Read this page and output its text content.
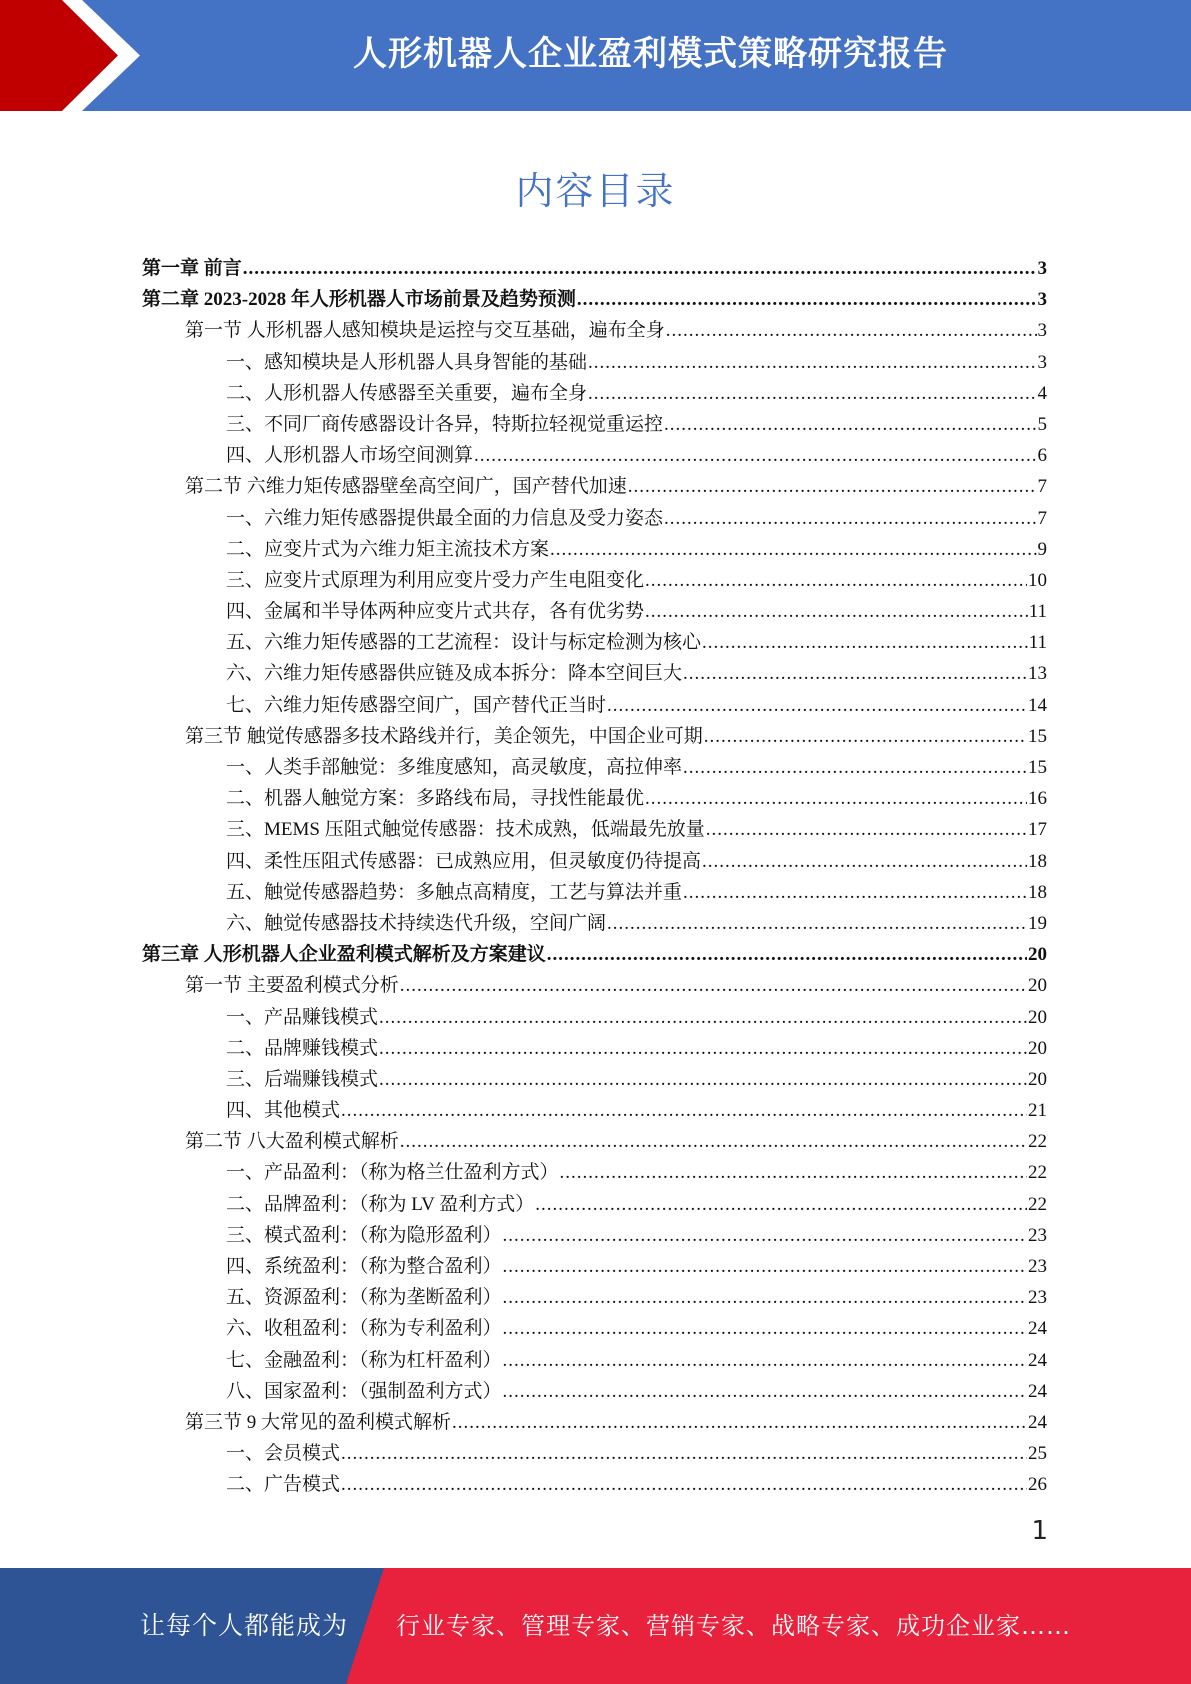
人形机器人企业盈利模式策略研究报告
内容目录
第一章 前言 .....	3
第二章 2023-2028 年人形机器人市场前景及趋势预测 .....	3
第一节 人形机器人感知模块是运控与交互基础，遍布全身 .....	3
一、感知模块是人形机器人具身智能的基础 .....	3
二、人形机器人传感器至关重要，遍布全身 .....	4
三、不同厂商传感器设计各异，特斯拉轻视觉重运控 .....	5
四、人形机器人市场空间测算 .....	6
第二节 六维力矩传感器壁垒高空间广，国产替代加速 .....	7
一、六维力矩传感器提供最全面的力信息及受力姿态 .....	7
二、应变片式为六维力矩主流技术方案 .....	9
三、应变片式原理为利用应变片受力产生电阻变化 .....	10
四、金属和半导体两种应变片式共存，各有优劣势 .....	11
五、六维力矩传感器的工艺流程：设计与标定检测为核心 .....	11
六、六维力矩传感器供应链及成本拆分：降本空间巨大 .....	13
七、六维力矩传感器空间广，国产替代正当时 .....	14
第三节 触觉传感器多技术路线并行，美企领先，中国企业可期 .....	15
一、人类手部触觉：多维度感知，高灵敏度，高拉伸率 .....	15
二、机器人触觉方案：多路线布局，寻找性能最优 .....	16
三、MEMS 压阻式触觉传感器：技术成熟，低端最先放量 .....	17
四、柔性压阻式传感器：已成熟应用，但灵敏度仍待提高 .....	18
五、触觉传感器趋势：多触点高精度，工艺与算法并重 .....	18
六、触觉传感器技术持续迭代升级，空间广阔 .....	19
第三章 人形机器人企业盈利模式解析及方案建议 .....	20
第一节 主要盈利模式分析 .....	20
一、产品赚钱模式 .....	20
二、品牌赚钱模式 .....	20
三、后端赚钱模式 .....	20
四、其他模式 .....	21
第二节 八大盈利模式解析 .....	22
一、产品盈利：（称为格兰仕盈利方式） .....	22
二、品牌盈利：（称为 LV 盈利方式） .....	22
三、模式盈利：（称为隐形盈利） .....	23
四、系统盈利：（称为整合盈利） .....	23
五、资源盈利：（称为垄断盈利） .....	23
六、收租盈利：（称为专利盈利） .....	24
七、金融盈利：（称为杠杆盈利） .....	24
八、国家盈利：（强制盈利方式） .....	24
第三节 9 大常见的盈利模式解析 .....	24
一、会员模式 .....	25
二、广告模式 .....	26
1
让每个人都能成为 行业专家、管理专家、营销专家、战略专家、成功企业家……
